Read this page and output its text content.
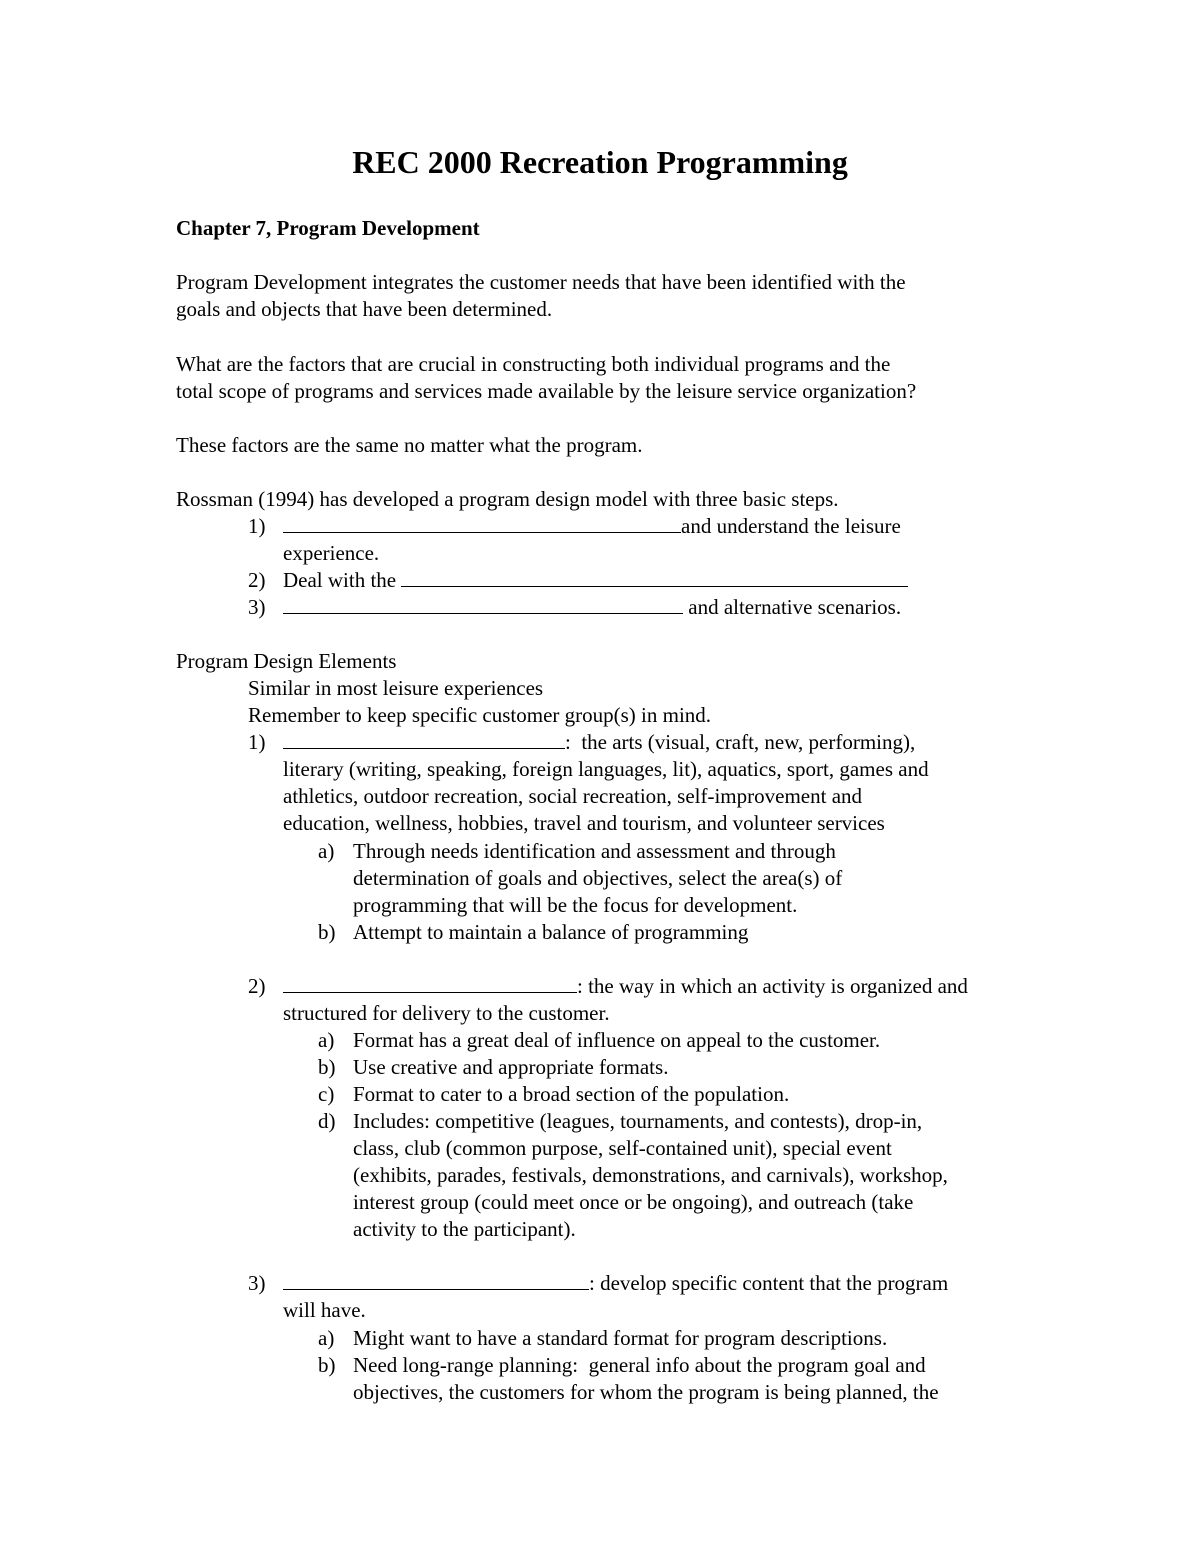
REC 2000 Recreation Programming
Chapter 7, Program Development
Program Development integrates the customer needs that have been identified with the
goals and objects that have been determined.
What are the factors that are crucial in constructing both individual programs and the
total scope of programs and services made available by the leisure service organization?
These factors are the same no matter what the program.
Rossman (1994) has developed a program design model with three basic steps.
1)	and understand the leisure
experience.
2) Deal with the
3)	and alternative scenarios.
Program Design Elements
Similar in most leisure experiences
Remember to keep specific customer group(s) in mind.
1)	:  the arts (visual, craft, new, performing),
literary (writing, speaking, foreign languages, lit), aquatics, sport, games and
athletics, outdoor recreation, social recreation, self-improvement and
education, wellness, hobbies, travel and tourism, and volunteer services
a) Through needs identification and assessment and through
determination of goals and objectives, select the area(s) of
programming that will be the focus for development.
b) Attempt to maintain a balance of programming
2)	: the way in which an activity is organized and
structured for delivery to the customer.
a) Format has a great deal of influence on appeal to the customer.
b) Use creative and appropriate formats.
c) Format to cater to a broad section of the population.
d) Includes: competitive (leagues, tournaments, and contests), drop-in,
class, club (common purpose, self-contained unit), special event
(exhibits, parades, festivals, demonstrations, and carnivals), workshop,
interest group (could meet once or be ongoing), and outreach (take
activity to the participant).
3)	: develop specific content that the program
will have.
a) Might want to have a standard format for program descriptions.
b) Need long-range planning:  general info about the program goal and
objectives, the customers for whom the program is being planned, the
